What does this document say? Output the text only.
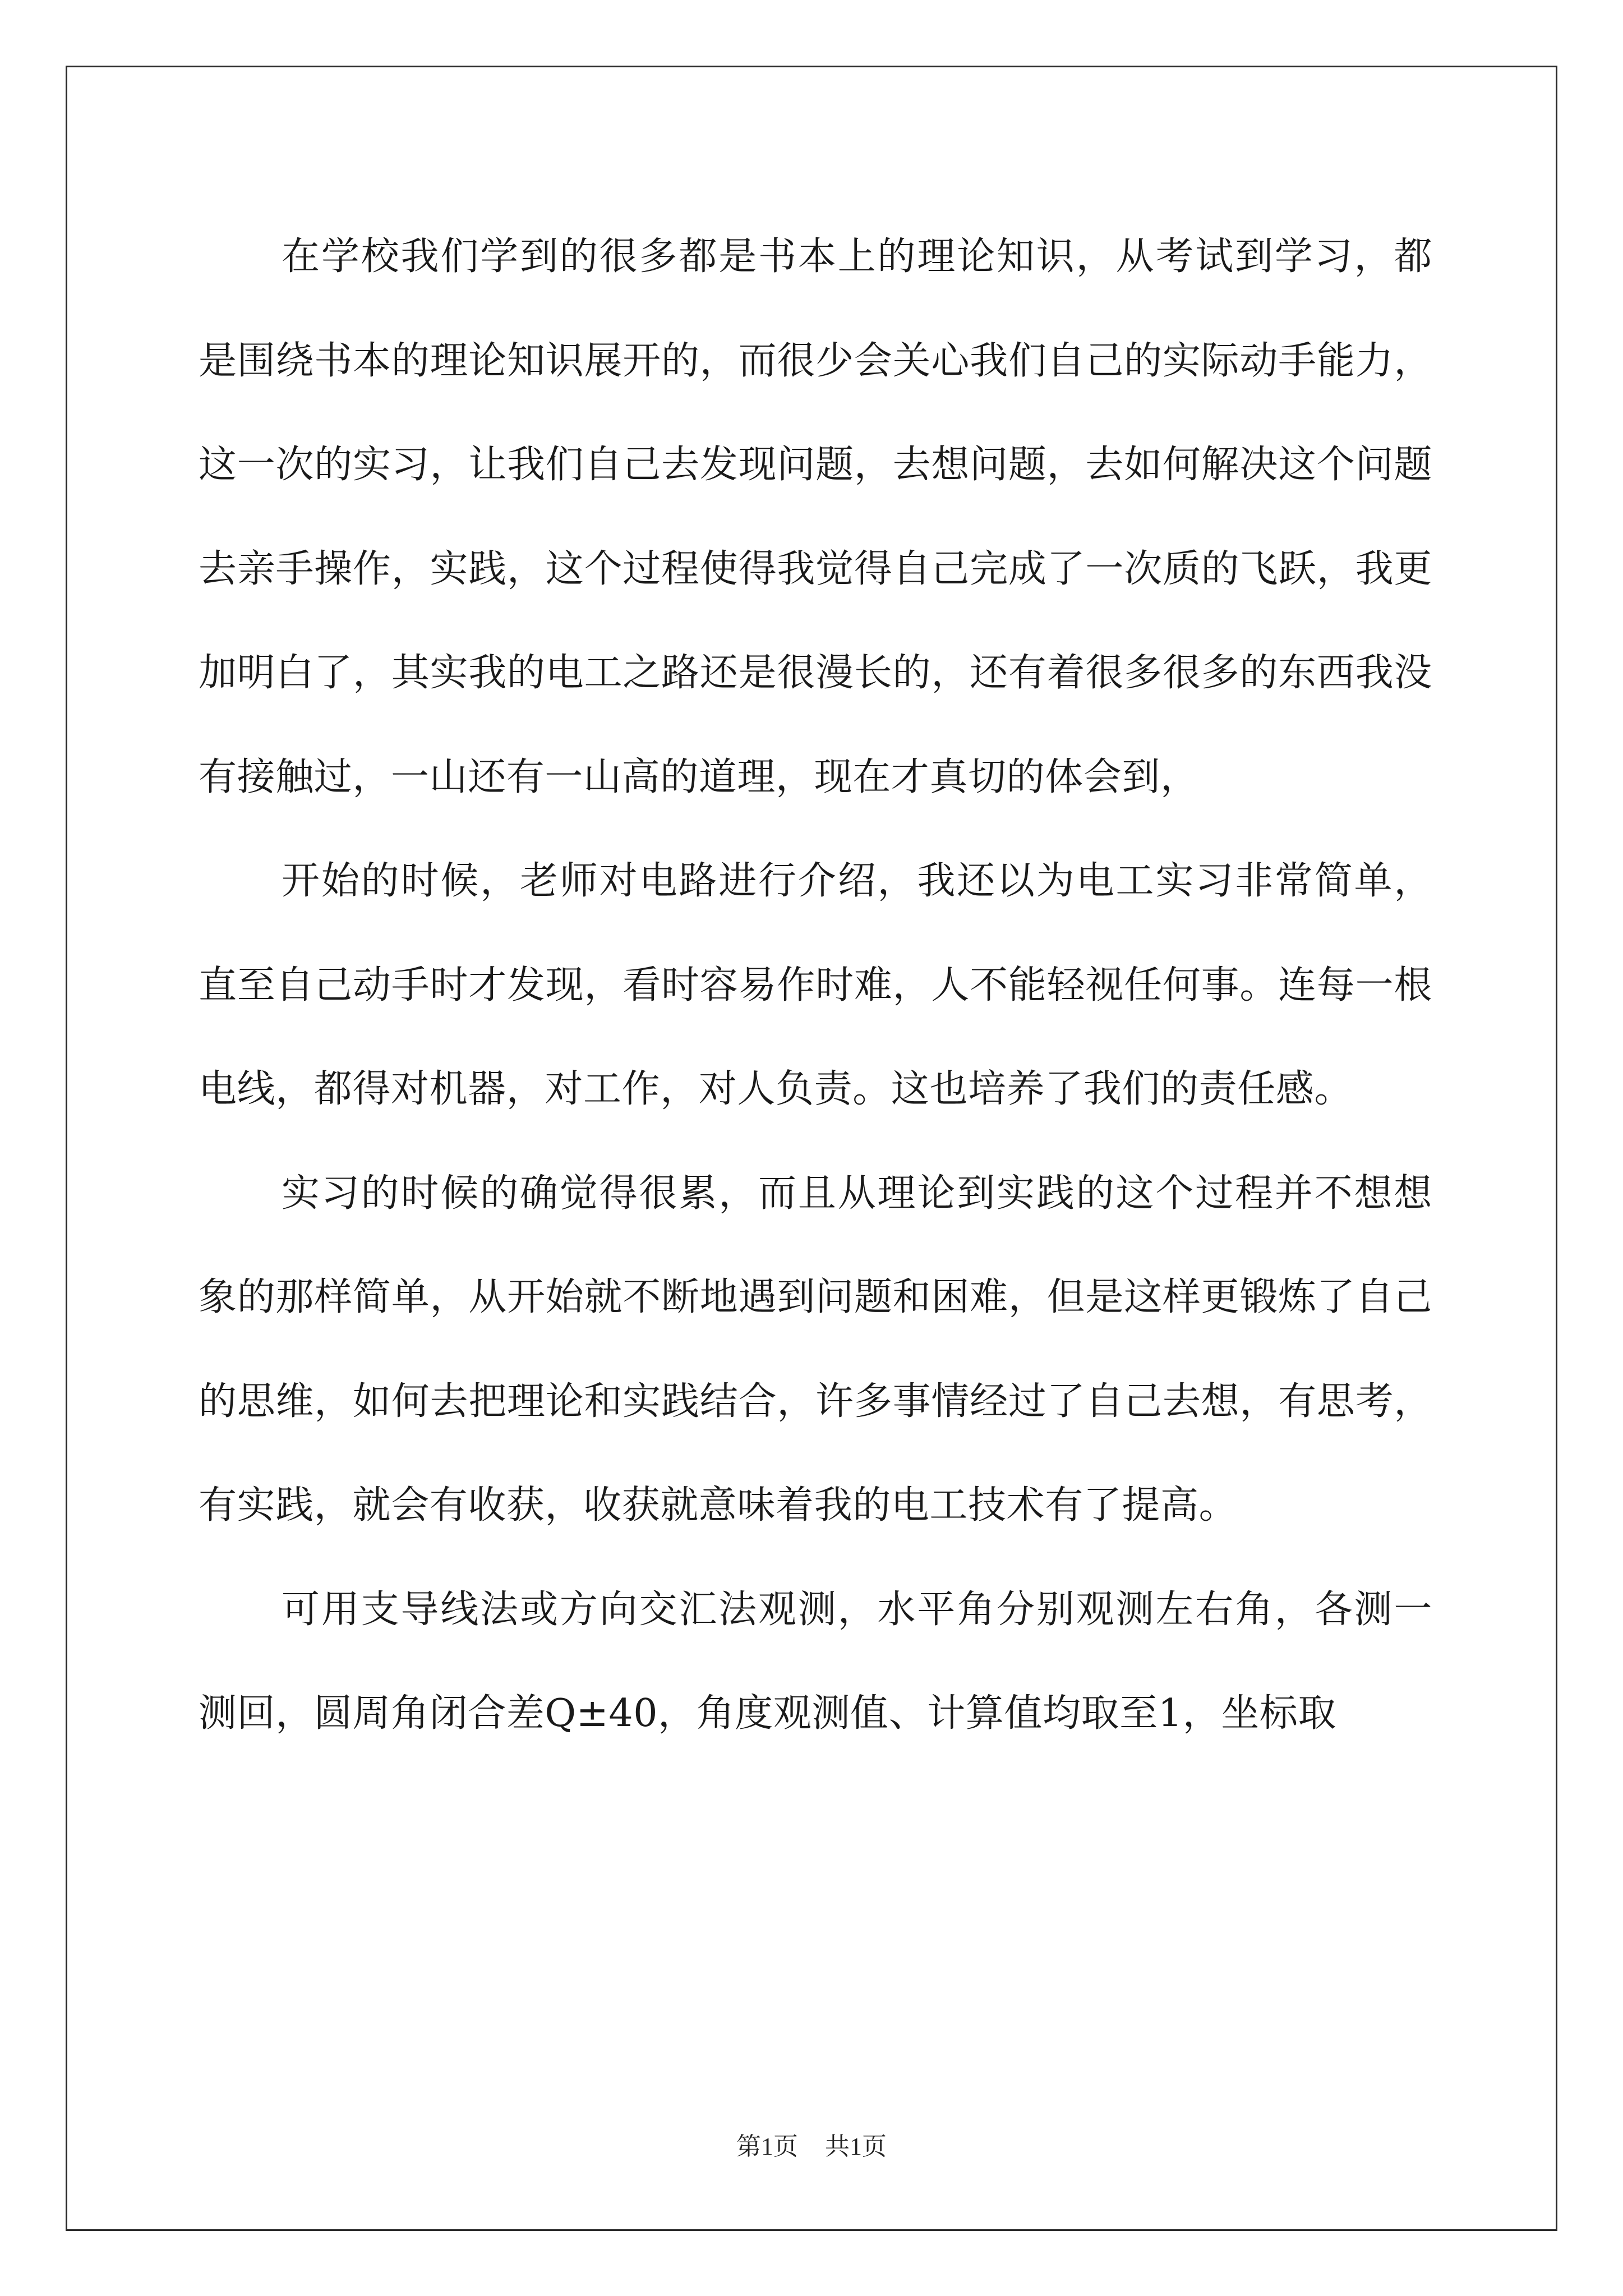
在学校我们学到的很多都是书本上的理论知识，从考试到学习，都是围绕书本的理论知识展开的，而很少会关心我们自己的实际动手能力，这一次的实习，让我们自己去发现问题，去想问题，去如何解决这个问题去亲手操作，实践，这个过程使得我觉得自己完成了一次质的飞跃，我更加明白了，其实我的电工之路还是很漫长的，还有着很多很多的东西我没有接触过，一山还有一山高的道理，现在才真切的体会到，

开始的时候，老师对电路进行介绍，我还以为电工实习非常简单，直至自己动手时才发现，看时容易作时难，人不能轻视任何事。连每一根电线，都得对机器，对工作，对人负责。这也培养了我们的责任感。

实习的时候的确觉得很累，而且从理论到实践的这个过程并不想想象的那样简单，从开始就不断地遇到问题和困难，但是这样更锻炼了自己的思维，如何去把理论和实践结合，许多事情经过了自己去想，有思考，有实践，就会有收获，收获就意味着我的电工技术有了提高。

可用支导线法或方向交汇法观测，水平角分别观测左右角，各测一测回，圆周角闭合差Q±40，角度观测值、计算值均取至1，坐标取

第1页 共1页
